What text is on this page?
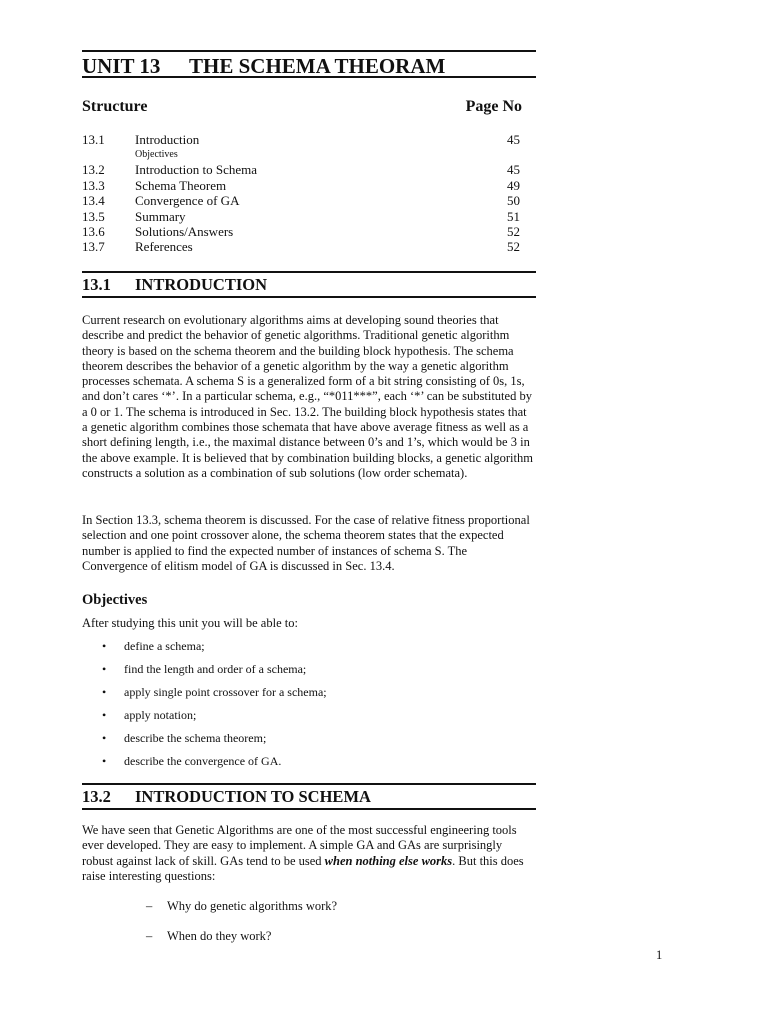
UNIT 13 THE SCHEMA THEORAM
Structure	Page No
13.1 Introduction	45
Objectives
13.2 Introduction to Schema	45
13.3 Schema Theorem	49
13.4 Convergence of GA	50
13.5 Summary	51
13.6 Solutions/Answers	52
13.7 References	52
13.1 INTRODUCTION

Current research on evolutionary algorithms aims at developing sound theories that describe and predict the behavior of genetic algorithms. Traditional genetic algorithm theory is based on the schema theorem and the building block hypothesis. The schema theorem describes the behavior of a genetic algorithm by the way a genetic algorithm processes schemata. A schema S is a generalized form of a bit string consisting of 0s, 1s, and don’t cares ‘*’. In a particular schema, e.g., “*011***”, each ‘*’ can be substituted by a 0 or 1. The schema is introduced in Sec. 13.2. The building block hypothesis states that a genetic algorithm combines those schemata that have above average fitness as well as a short defining length, i.e., the maximal distance between 0’s and 1’s, which would be 3 in the above example. It is believed that by combination building blocks, a genetic algorithm constructs a solution as a combination of sub solutions (low order schemata).

In Section 13.3, schema theorem is discussed. For the case of relative fitness proportional selection and one point crossover alone, the schema theorem states that the expected number is applied to find the expected number of instances of schema S. The Convergence of elitism model of GA is discussed in Sec. 13.4.

Objectives
After studying this unit you will be able to:
• define a schema;
• find the length and order of a schema;
• apply single point crossover for a schema;
• apply notation;
• describe the schema theorem;
• describe the convergence of GA.
13.2 INTRODUCTION TO SCHEMA

We have seen that Genetic Algorithms are one of the most successful engineering tools ever developed. They are easy to implement. A simple GA and GAs are surprisingly robust against lack of skill. GAs tend to be used when nothing else works. But this does raise interesting questions:

– Why do genetic algorithms work?
– When do they work?
1
